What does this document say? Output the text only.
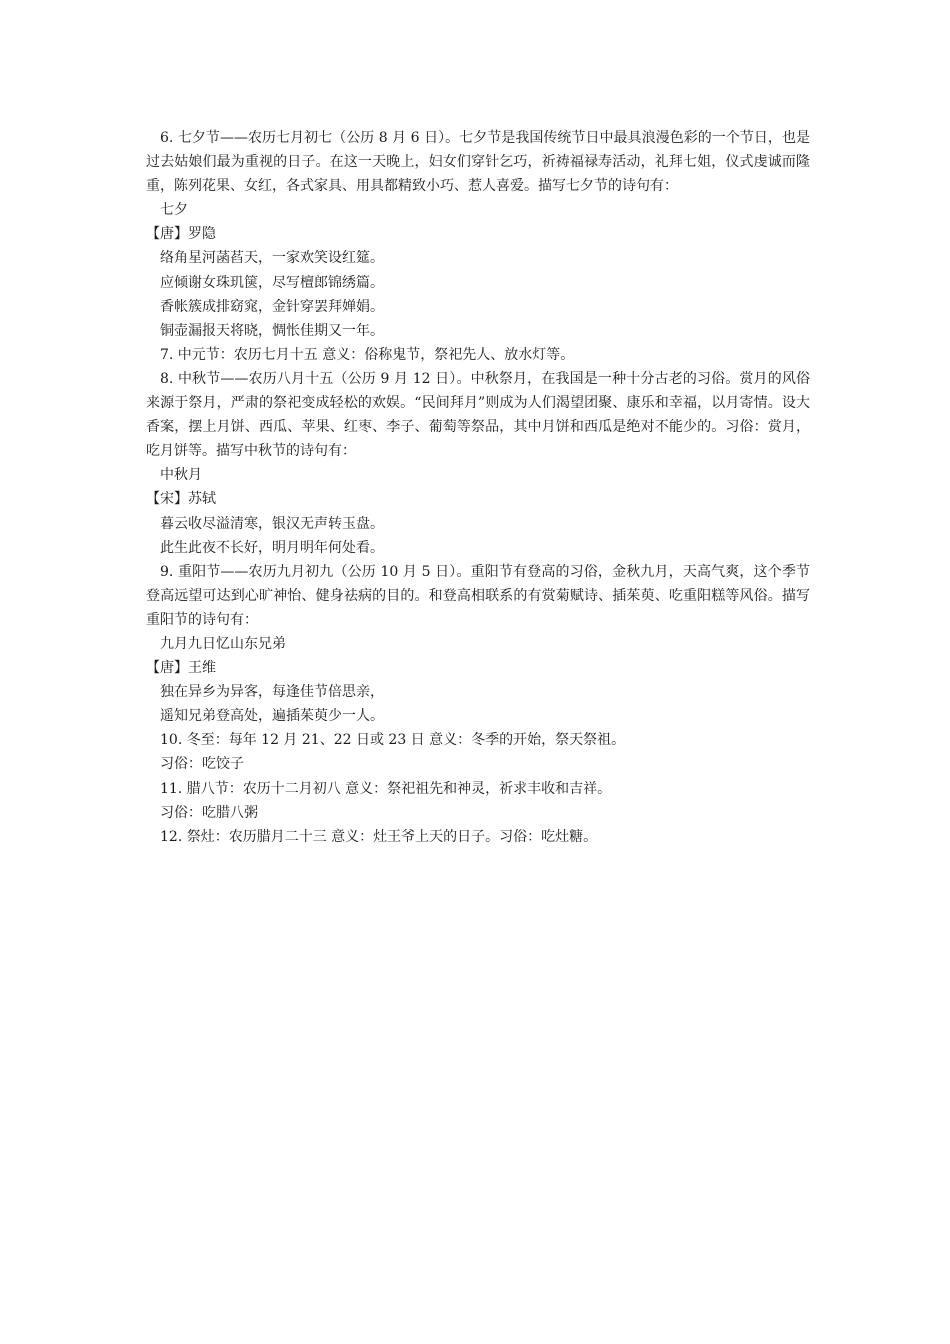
6. 七夕节——农历七月初七（公历 8 月 6 日）。七夕节是我国传统节日中最具浪漫色彩的一个节日，也是过去姑娘们最为重视的日子。在这一天晚上，妇女们穿针乞巧，祈祷福禄寿活动，礼拜七姐，仪式虔诚而隆重，陈列花果、女红，各式家具、用具都精致小巧、惹人喜爱。描写七夕节的诗句有：

七夕

【唐】罗隐

络角星河菡萏天，一家欢笑设红筵。

应倾谢女珠玑箧，尽写檀郎锦绣篇。

香帐簇成排窈窕，金针穿罢拜婵娟。

铜壶漏报天将晓，惆怅佳期又一年。

7. 中元节：农历七月十五 意义：俗称鬼节，祭祀先人、放水灯等。

8. 中秋节——农历八月十五（公历 9 月 12 日）。中秋祭月，在我国是一种十分古老的习俗。赏月的风俗来源于祭月，严肃的祭祀变成轻松的欢娱。“民间拜月”则成为人们渴望团聚、康乐和幸福，以月寄情。设大香案，摆上月饼、西瓜、苹果、红枣、李子、葡萄等祭品，其中月饼和西瓜是绝对不能少的。习俗：赏月，吃月饼等。描写中秋节的诗句有：

中秋月

【宋】苏轼

暮云收尽溢清寒，银汉无声转玉盘。

此生此夜不长好，明月明年何处看。

9. 重阳节——农历九月初九（公历 10 月 5 日）。重阳节有登高的习俗，金秋九月，天高气爽，这个季节登高远望可达到心旷神怡、健身祛病的目的。和登高相联系的有赏菊赋诗、插茱萸、吃重阳糕等风俗。描写重阳节的诗句有：

九月九日忆山东兄弟

【唐】王维

独在异乡为异客，每逢佳节倍思亲，

遥知兄弟登高处，遍插茱萸少一人。

10. 冬至：每年 12 月 21、22 日或 23 日 意义：冬季的开始，祭天祭祖。

习俗：吃饺子

11. 腊八节：农历十二月初八 意义：祭祀祖先和神灵，祈求丰收和吉祥。

习俗：吃腊八粥

12. 祭灶：农历腊月二十三 意义：灶王爷上天的日子。习俗：吃灶糖。
